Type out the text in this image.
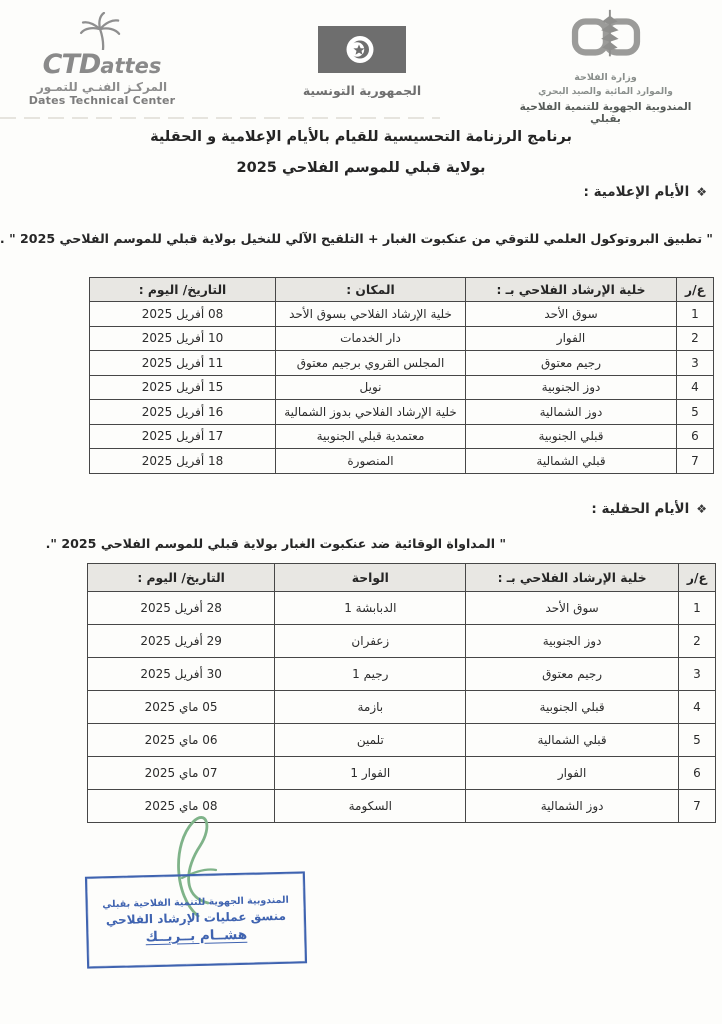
CTDattes
المركـز الفنـي للتمـور
Dates Technical Center
الجمهورية التونسية
وزارة الفلاحة
والموارد المائية والصيد البحري
المندوبية الجهوية للتنمية الفلاحية بقبلي
برنامج الرزنامة التحسيسية للقيام بالأيام الإعلامية و الحقلية
بولاية قبلي للموسم الفلاحي 2025
❖الأيام الإعلامية :
" تطبيق البروتوكول العلمي للتوقي من عنكبوت الغبار + التلقيح الآلي للنخيل بولاية قبلي للموسم الفلاحي 2025 " .
ع/ر	خلية الإرشاد الفلاحي بـ :	المكان :	التاريخ/ اليوم :
1	سوق الأحد	خلية الإرشاد الفلاحي بسوق الأحد	08 أفريل 2025
2	الفوار	دار الخدمات	10 أفريل 2025
3	رجيم معتوق	المجلس القروي برجيم معتوق	11 أفريل 2025
4	دوز الجنوبية	نويل	15 أفريل 2025
5	دوز الشمالية	خلية الإرشاد الفلاحي بدوز الشمالية	16 أفريل 2025
6	قبلي الجنوبية	معتمدية قبلي الجنوبية	17 أفريل 2025
7	قبلي الشمالية	المنصورة	18 أفريل 2025
❖الأيام الحقلية :
" المداواة الوقائية ضد عنكبوت الغبار بولاية قبلي للموسم الفلاحي 2025 ".
ع/ر	خلية الإرشاد الفلاحي بـ :	الواحة	التاريخ/ اليوم :
1	سوق الأحد	الدبابشة 1	28 أفريل 2025
2	دوز الجنوبية	زعفران	29 أفريل 2025
3	رجيم معتوق	رجيم 1	30 أفريل 2025
4	قبلي الجنوبية	بازمة	05 ماي 2025
5	قبلي الشمالية	تلمين	06 ماي 2025
6	الفوار	الفوار 1	07 ماي 2025
7	دوز الشمالية	السكومة	08 ماي 2025
المندوبية الجهوية للتنمية الفلاحية بقبلي
منسق عمليات الإرشاد الفلاحي
هشــام بــريــك
